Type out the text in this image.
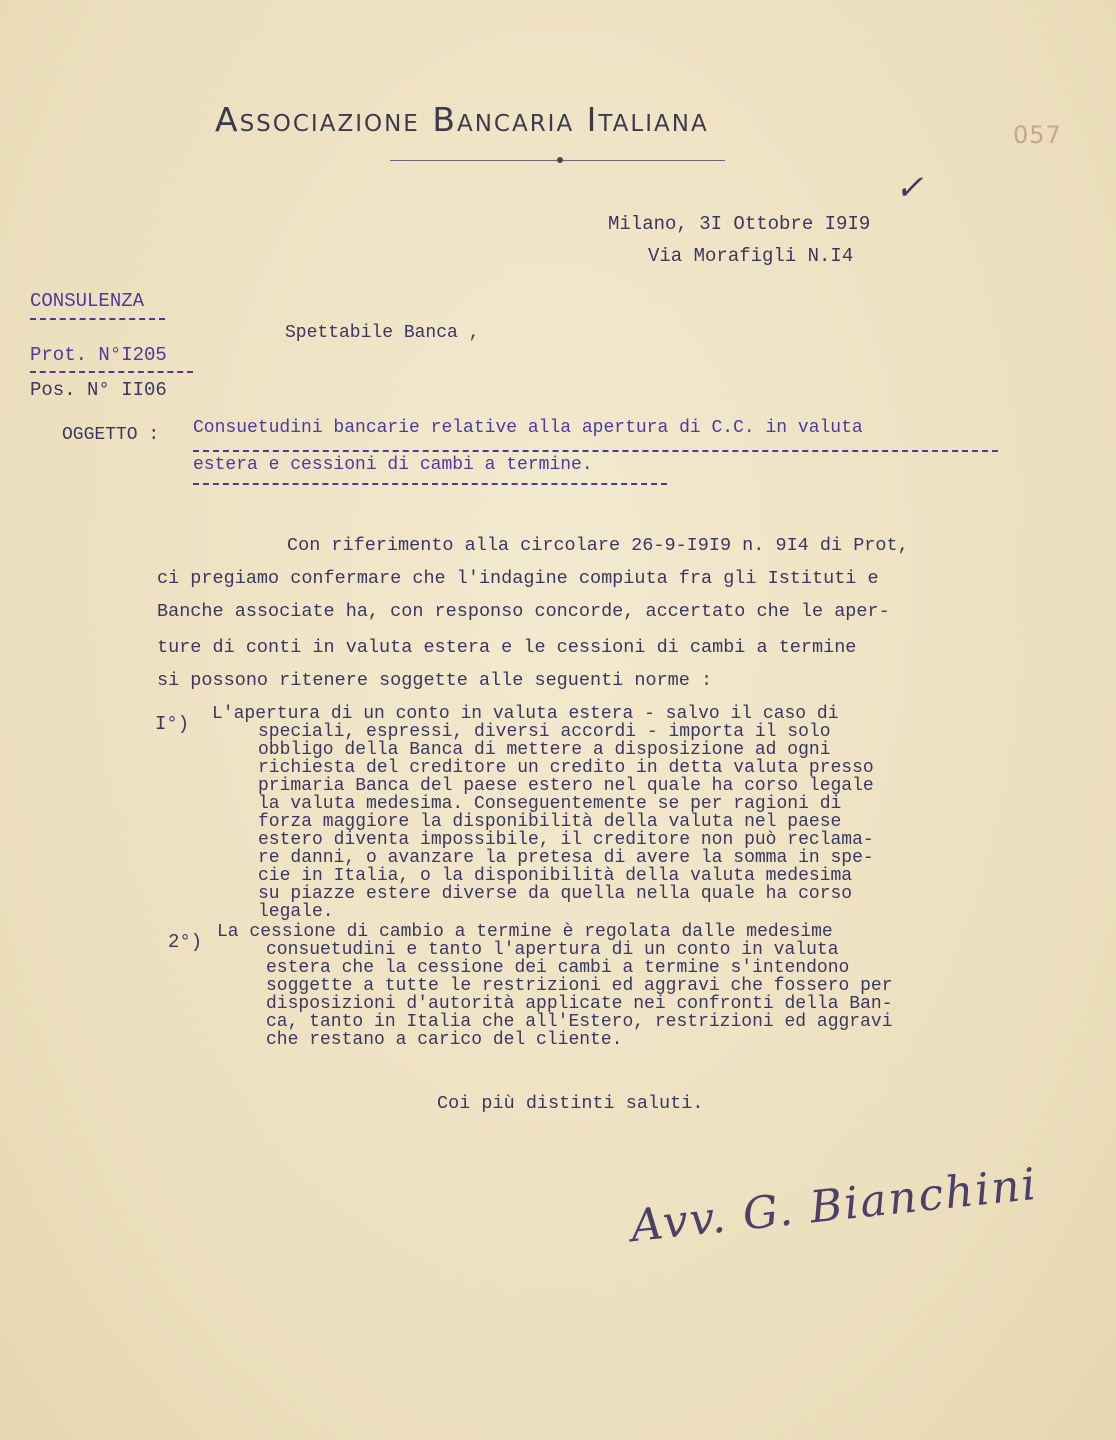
Associazione Bancaria Italiana	057
✓
Milano, 3I Ottobre I9I9
Via Morafigli N.I4
CONSULENZA
Prot. N°I205
Pos. N° II06
Spettabile Banca ,
OGGETTO : Consuetudini bancarie relative alla apertura di C.C. in valuta
estera e cessioni di cambi a termine.
Con riferimento alla circolare 26-9-I9I9 n. 9I4 di Prot,
ci pregiamo confermare che l'indagine compiuta fra gli Istituti e
Banche associate ha, con responso concorde, accertato che le aper-
ture di conti in valuta estera e le cessioni di cambi a termine
si possono ritenere soggette alle seguenti norme :
I°) L'apertura di un conto in valuta estera - salvo il caso di
speciali, espressi, diversi accordi - importa il solo
obbligo della Banca di mettere a disposizione ad ogni
richiesta del creditore un credito in detta valuta presso
primaria Banca del paese estero nel quale ha corso legale
la valuta medesima. Conseguentemente se per ragioni di
forza maggiore la disponibilità della valuta nel paese
estero diventa impossibile, il creditore non può reclama-
re danni, o avanzare la pretesa di avere la somma in spe-
cie in Italia, o la disponibilità della valuta medesima
su piazze estere diverse da quella nella quale ha corso
legale.
2°) La cessione di cambio a termine è regolata dalle medesime
consuetudini e tanto l'apertura di un conto in valuta
estera che la cessione dei cambi a termine s'intendono
soggette a tutte le restrizioni ed aggravi che fossero per
disposizioni d'autorità applicate nei confronti della Ban-
ca, tanto in Italia che all'Estero, restrizioni ed aggravi
che restano a carico del cliente.
Coi più distinti saluti.
Avv. G. Bianchini
